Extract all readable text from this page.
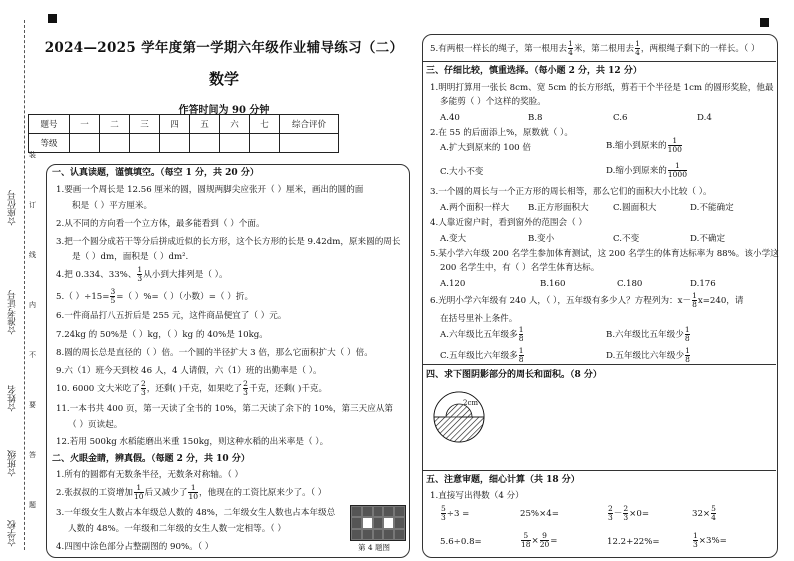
☆座位号
☆准考证号
☆姓名
☆班级
☆学校
装
订
线
内
不
要
答
题
2024—2025 学年度第一学期六年级作业辅导练习（二）
数学
作答时间为 90 分钟
题号	一	二	三	四	五	六	七	综合评价
等级								
一、认真读题，谨慎填空。（每空 1 分，共 20 分）
1.要画一个周长是 12.56 厘米的圆，圆规两脚尖应张开（ ）厘米，画出的圆的面
积是（ ）平方厘米。
2.从不同的方向看一个立方体，最多能看到（ ）个面。
3.把一个圆分成若干等分后拼成近似的长方形，这个长方形的长是 9.42dm，原来圆的周长
是（ ）dm，面积是（ ）dm².
4.把 0.334、33%、 $\frac{1}{3}$ 从小到大排列是（ ）。
5.（ ）$\div 15= \frac{3}{5}$ =（ ）%=（ ）（小数）=（ ）折。
6.一件商品打八五折后是 255 元，这件商品便宜了（ ）元。
7.24kg 的 50%是（ ）kg，（ ）kg 的 40%是 10kg。
8.圆的周长总是直径的（ ）倍。一个圆的半径扩大 3 倍，那么它面积扩大（ ）倍。
9.六（1）班今天到校 46 人，4 人请假，六（1）班的出勤率是（ ）。
10. 6000 文大米吃了 $\frac{2}{3}$ ，还剩( )千克，如果吃了 $\frac{2}{3}$ 千克，还剩( )千克。
11.一本书共 400 页，第一天读了全书的 10%，第二天读了余下的 10%，第三天应从第
（ ）页读起。
12.若用 500kg 水稻能磨出米重 150kg，则这种水稻的出米率是（ ）。
二、火眼金睛，辨真假。（每题 2 分，共 10 分）
1.所有的圆都有无数条半径，无数条对称轴。（ ）
2.张叔叔的工资增加 $\frac{1}{10}$ 后又减少了 $\frac{1}{10}$ ，他现在的工资比原来少了。（ ）
3.一年级女生人数占本年级总人数的 48%，二年级女生人数也占本年级总
人数的 48%。一年级和二年级的女生人数一定相等。（ ）
4.四图中涂色部分占整副图的 90%。（ ）	第 4 题图
5.有两根一样长的绳子，第一根用去 $\frac{1}{4}$ 米，第二根用去 $\frac{1}{4}$ ，两根绳子剩下的一样长。（ ）
三、仔细比较，慎重选择。（每小题 2 分，共 12 分）
1.明明打算用一张长 8cm、宽 5cm 的长方形纸，剪若干个半径是 1cm 的圆形奖脸，他最
多能剪（ ）个这样的奖脸。
A.40	B.8	C.6	D.4
2.在 55 的后面添上%，原数就（ ）。
A.扩大到原来的 100 倍	B.缩小到原来的 $\frac{1}{100}$
C.大小不变	D.缩小到原来的 $\frac{1}{1000}$
3.一个圆的周长与一个正方形的周长相等，那么它们的面积大小比较（ ）。
A.两个面积一样大 B.正方形面积大	C.圆面积大	D.不能确定
4.人靠近窗户时，看到窗外的范围会（ ）
A.变大	B.变小	C.不变	D.不确定
5.某小学六年级 200 名学生参加体育测试，这 200 名学生的体育达标率为 88%。该小学这
200 名学生中，有（ ）名学生体育达标。
A.120	B.160	C.180	D.176
6.光明小学六年级有 240 人，（ ），五年级有多少人？方程列为：$x- \frac{1}{8} x=240$，请
在括号里补上条件。
A.六年级比五年级多 $\frac{1}{8}$	B.六年级比五年级少 $\frac{1}{8}$
C.五年级比六年级多 $\frac{1}{8}$	D.五年级比六年级少 $\frac{1}{8}$
四、求下图阴影部分的周长和面积。（8 分）
2cm
五、注意审题，细心计算（共 18 分）
1.直接写出得数（4 分）
$\frac{5}{3} \div 3$ =	25%×4=	$\frac{2}{3} - \frac{2}{3} \times 0=$	$32\times \frac{5}{4}$
5.6÷0.8=	$\frac{5}{18} \times \frac{9}{20}$ =	12.2+22%=	$\frac{1}{3} \times 3\%=$
